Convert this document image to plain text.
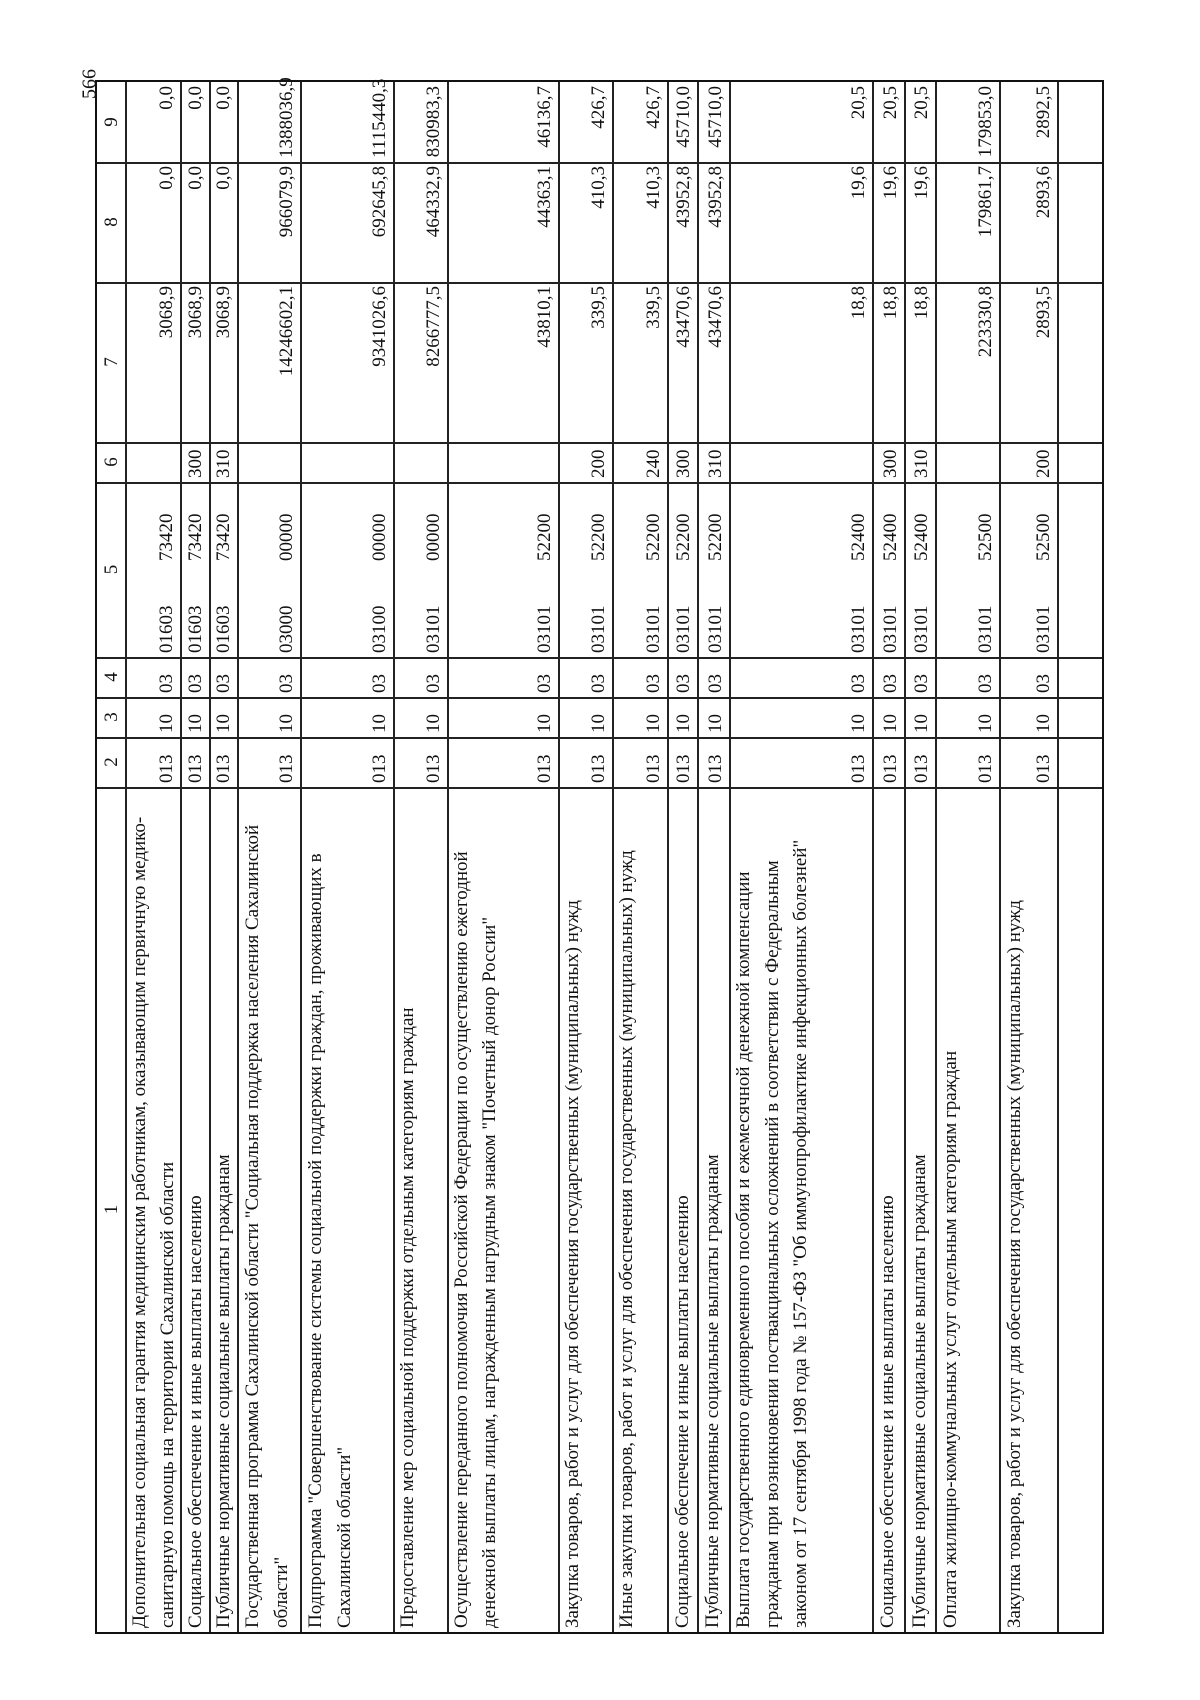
566
1
2
3
4
5
6
7
8
9
Дополнительная социальная гарантия медицинским работникам, оказывающим первичную медико-санитарную помощь на территории Сахалинской области
013
10
03
3068,9
0,0
0,0
01603
73420
Социальное обеспечение и иные выплаты населению
013
10
03
300
3068,9
0,0
0,0
01603
73420
Публичные нормативные социальные выплаты гражданам
013
10
03
310
3068,9
0,0
0,0
01603
73420
Государственная программа Сахалинской области "Социальная поддержка населения Сахалинской области"
013
10
03
14246602,1
966079,9
1388036,9
03000
00000
Подпрограмма "Совершенствование системы социальной поддержки граждан, проживающих в Сахалинской области"
013
10
03
9341026,6
692645,8
1115440,3
03100
00000
Предоставление мер социальной поддержки отдельным категориям граждан
013
10
03
8266777,5
464332,9
830983,3
03101
00000
Осуществление переданного полномочия Российской Федерации по осуществлению ежегодной денежной выплаты лицам, награжденным нагрудным знаком "Почетный донор России"
013
10
03
43810,1
44363,1
46136,7
03101
52200
Закупка товаров, работ и услуг для обеспечения государственных (муниципальных) нужд
013
10
03
200
339,5
410,3
426,7
03101
52200
Иные закупки товаров, работ и услуг для обеспечения государственных (муниципальных) нужд
013
10
03
240
339,5
410,3
426,7
03101
52200
Социальное обеспечение и иные выплаты населению
013
10
03
300
43470,6
43952,8
45710,0
03101
52200
Публичные нормативные социальные выплаты гражданам
013
10
03
310
43470,6
43952,8
45710,0
03101
52200
Выплата государственного единовременного пособия и ежемесячной денежной компенсации гражданам при возникновении поствакцинальных осложнений в соответствии с Федеральным законом от 17 сентября 1998 года № 157-ФЗ "Об иммунопрофилактике инфекционных болезней"
013
10
03
18,8
19,6
20,5
03101
52400
Социальное обеспечение и иные выплаты населению
013
10
03
300
18,8
19,6
20,5
03101
52400
Публичные нормативные социальные выплаты гражданам
013
10
03
310
18,8
19,6
20,5
03101
52400
Оплата жилищно-коммунальных услуг отдельным категориям граждан
013
10
03
223330,8
179861,7
179853,0
03101
52500
Закупка товаров, работ и услуг для обеспечения государственных (муниципальных) нужд
013
10
03
200
2893,5
2893,6
2892,5
03101
52500
